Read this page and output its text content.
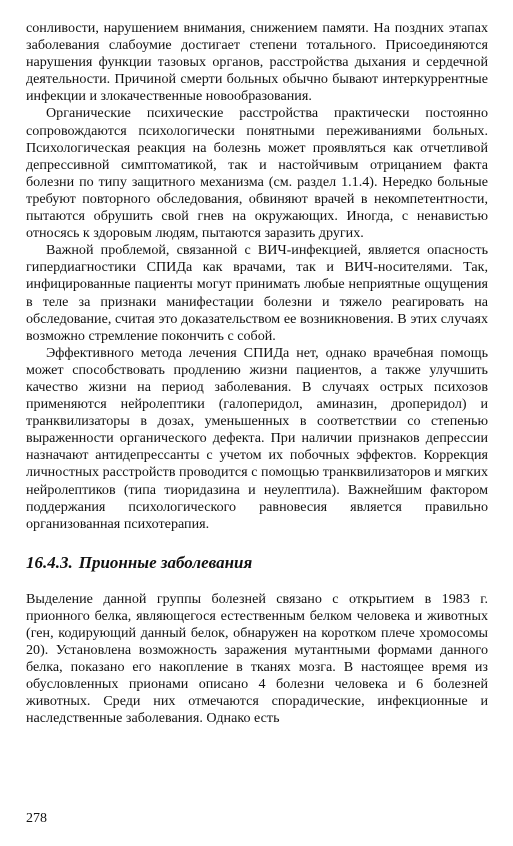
сонливости, нарушением внимания, снижением памяти. На поздних этапах заболевания слабоумие достигает степени тотального. Присоединяются нарушения функции тазовых органов, расстройства дыхания и сердечной деятельности. Причиной смерти больных обычно бывают интеркуррентные инфекции и злокачественные новообразования.

Органические психические расстройства практически постоянно сопровождаются психологически понятными переживаниями больных. Психологическая реакция на болезнь может проявляться как отчетливой депрессивной симптоматикой, так и настойчивым отрицанием факта болезни по типу защитного механизма (см. раздел 1.1.4). Нередко больные требуют повторного обследования, обвиняют врачей в некомпетентности, пытаются обрушить свой гнев на окружающих. Иногда, с ненавистью относясь к здоровым людям, пытаются заразить других.

Важной проблемой, связанной с ВИЧ-инфекцией, является опасность гипердиагностики СПИДа как врачами, так и ВИЧ-носителями. Так, инфицированные пациенты могут принимать любые неприятные ощущения в теле за признаки манифестации болезни и тяжело реагировать на обследование, считая это доказательством ее возникновения. В этих случаях возможно стремление покончить с собой.

Эффективного метода лечения СПИДа нет, однако врачебная помощь может способствовать продлению жизни пациентов, а также улучшить качество жизни на период заболевания. В случаях острых психозов применяются нейролептики (галоперидол, аминазин, дроперидол) и транквилизаторы в дозах, уменьшенных в соответствии со степенью выраженности органического дефекта. При наличии признаков депрессии назначают антидепрессанты с учетом их побочных эффектов. Коррекция личностных расстройств проводится с помощью транквилизаторов и мягких нейролептиков (типа тиоридазина и неулептила). Важнейшим фактором поддержания психологического равновесия является правильно организованная психотерапия.

16.4.3. Прионные заболевания

Выделение данной группы болезней связано с открытием в 1983 г. прионного белка, являющегося естественным белком человека и животных (ген, кодирующий данный белок, обнаружен на коротком плече хромосомы 20). Установлена возможность заражения мутантными формами данного белка, показано его накопление в тканях мозга. В настоящее время из обусловленных прионами описано 4 болезни человека и 6 болезней животных. Среди них отмечаются спорадические, инфекционные и наследственные заболевания. Однако есть

278
